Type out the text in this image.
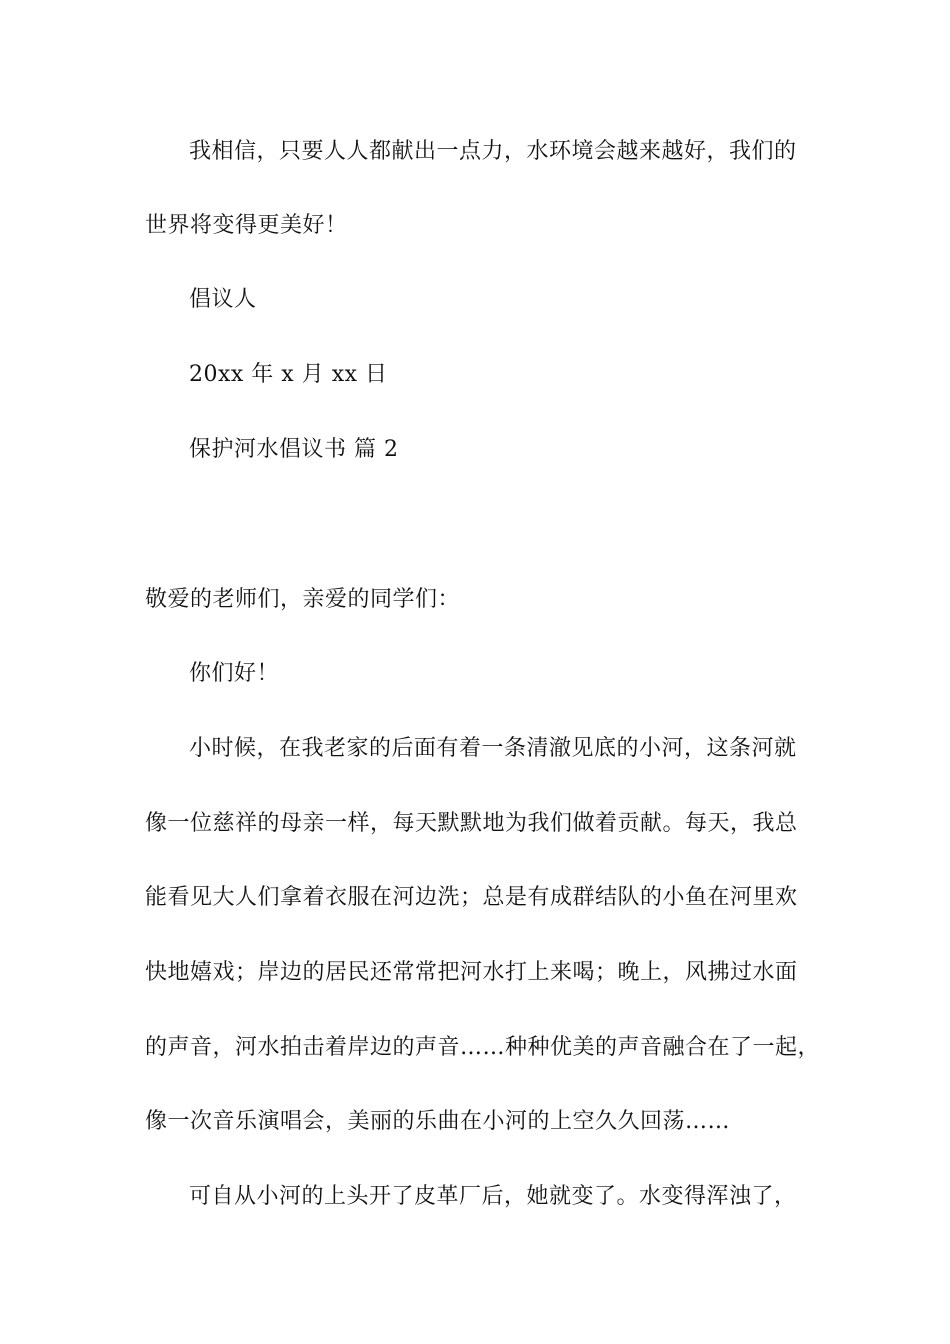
我相信，只要人人都献出一点力，水环境会越来越好，我们的

世界将变得更美好！

倡议人

20xx 年 x 月 xx 日

保护河水倡议书 篇 2

敬爱的老师们，亲爱的同学们：

你们好！

小时候，在我老家的后面有着一条清澈见底的小河，这条河就

像一位慈祥的母亲一样，每天默默地为我们做着贡献。每天，我总

能看见大人们拿着衣服在河边洗；总是有成群结队的小鱼在河里欢

快地嬉戏；岸边的居民还常常把河水打上来喝；晚上，风拂过水面

的声音，河水拍击着岸边的声音……种种优美的声音融合在了一起，

像一次音乐演唱会，美丽的乐曲在小河的上空久久回荡……

可自从小河的上头开了皮革厂后，她就变了。水变得浑浊了，
